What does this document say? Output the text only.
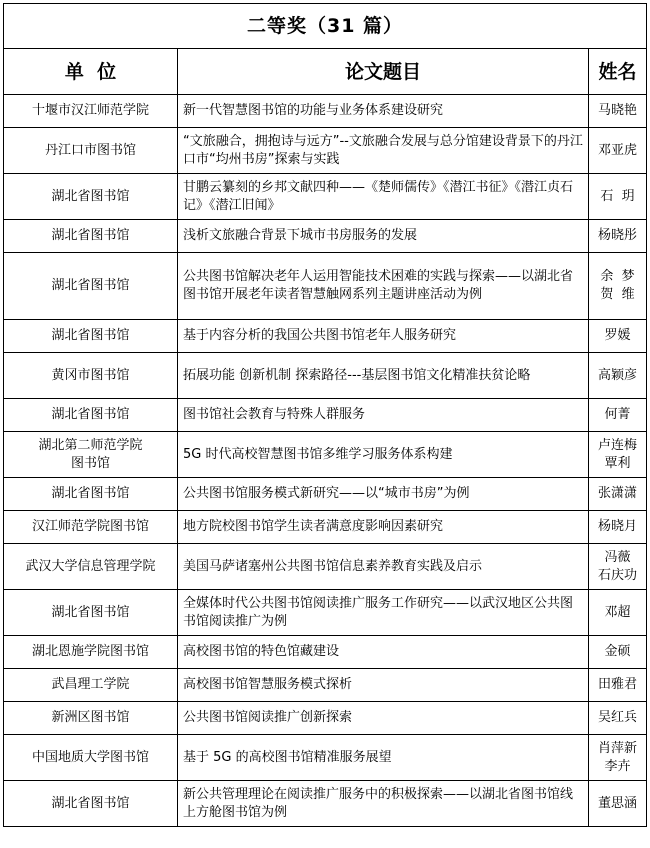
二等奖（31 篇）		
单  位	论文题目	姓名

十堰市汉江师范学院	新一代智慧图书馆的功能与业务体系建设研究	马晓艳

丹江口市图书馆	“文旅融合，拥抱诗与远方”--文旅融合发展与总分馆建设背景下的丹江口市“均州书房”探索与实践	邓亚虎

湖北省图书馆	甘鹏云纂刻的乡邦文献四种——《楚师儒传》《潜江书征》《潜江贞石记》《潜江旧闻》	石  玥

湖北省图书馆	浅析文旅融合背景下城市书房服务的发展	杨晓彤

湖北省图书馆	公共图书馆解决老年人运用智能技术困难的实践与探索——以湖北省图书馆开展老年读者智慧触网系列主题讲座活动为例	余  梦
贺  维

湖北省图书馆	基于内容分析的我国公共图书馆老年人服务研究	罗媛

黄冈市图书馆	拓展功能 创新机制 探索路径---基层图书馆文化精准扶贫论略	高颖彦

湖北省图书馆	图书馆社会教育与特殊人群服务	何菁

湖北第二师范学院
图书馆	5G 时代高校智慧图书馆多维学习服务体系构建	卢连梅
覃利

湖北省图书馆	公共图书馆服务模式新研究——以“城市书房”为例	张潇潇

汉江师范学院图书馆	地方院校图书馆学生读者满意度影响因素研究	杨晓月

武汉大学信息管理学院	美国马萨诸塞州公共图书馆信息素养教育实践及启示	冯薇
石庆功

湖北省图书馆	全媒体时代公共图书馆阅读推广服务工作研究——以武汉地区公共图书馆阅读推广为例	邓超

湖北恩施学院图书馆	高校图书馆的特色馆藏建设	金硕

武昌理工学院	高校图书馆智慧服务模式探析	田雅君

新洲区图书馆	公共图书馆阅读推广创新探索	吴红兵

中国地质大学图书馆	基于 5G 的高校图书馆精准服务展望	肖萍新
李卉

湖北省图书馆	新公共管理理论在阅读推广服务中的积极探索——以湖北省图书馆线上方舱图书馆为例	董思涵
